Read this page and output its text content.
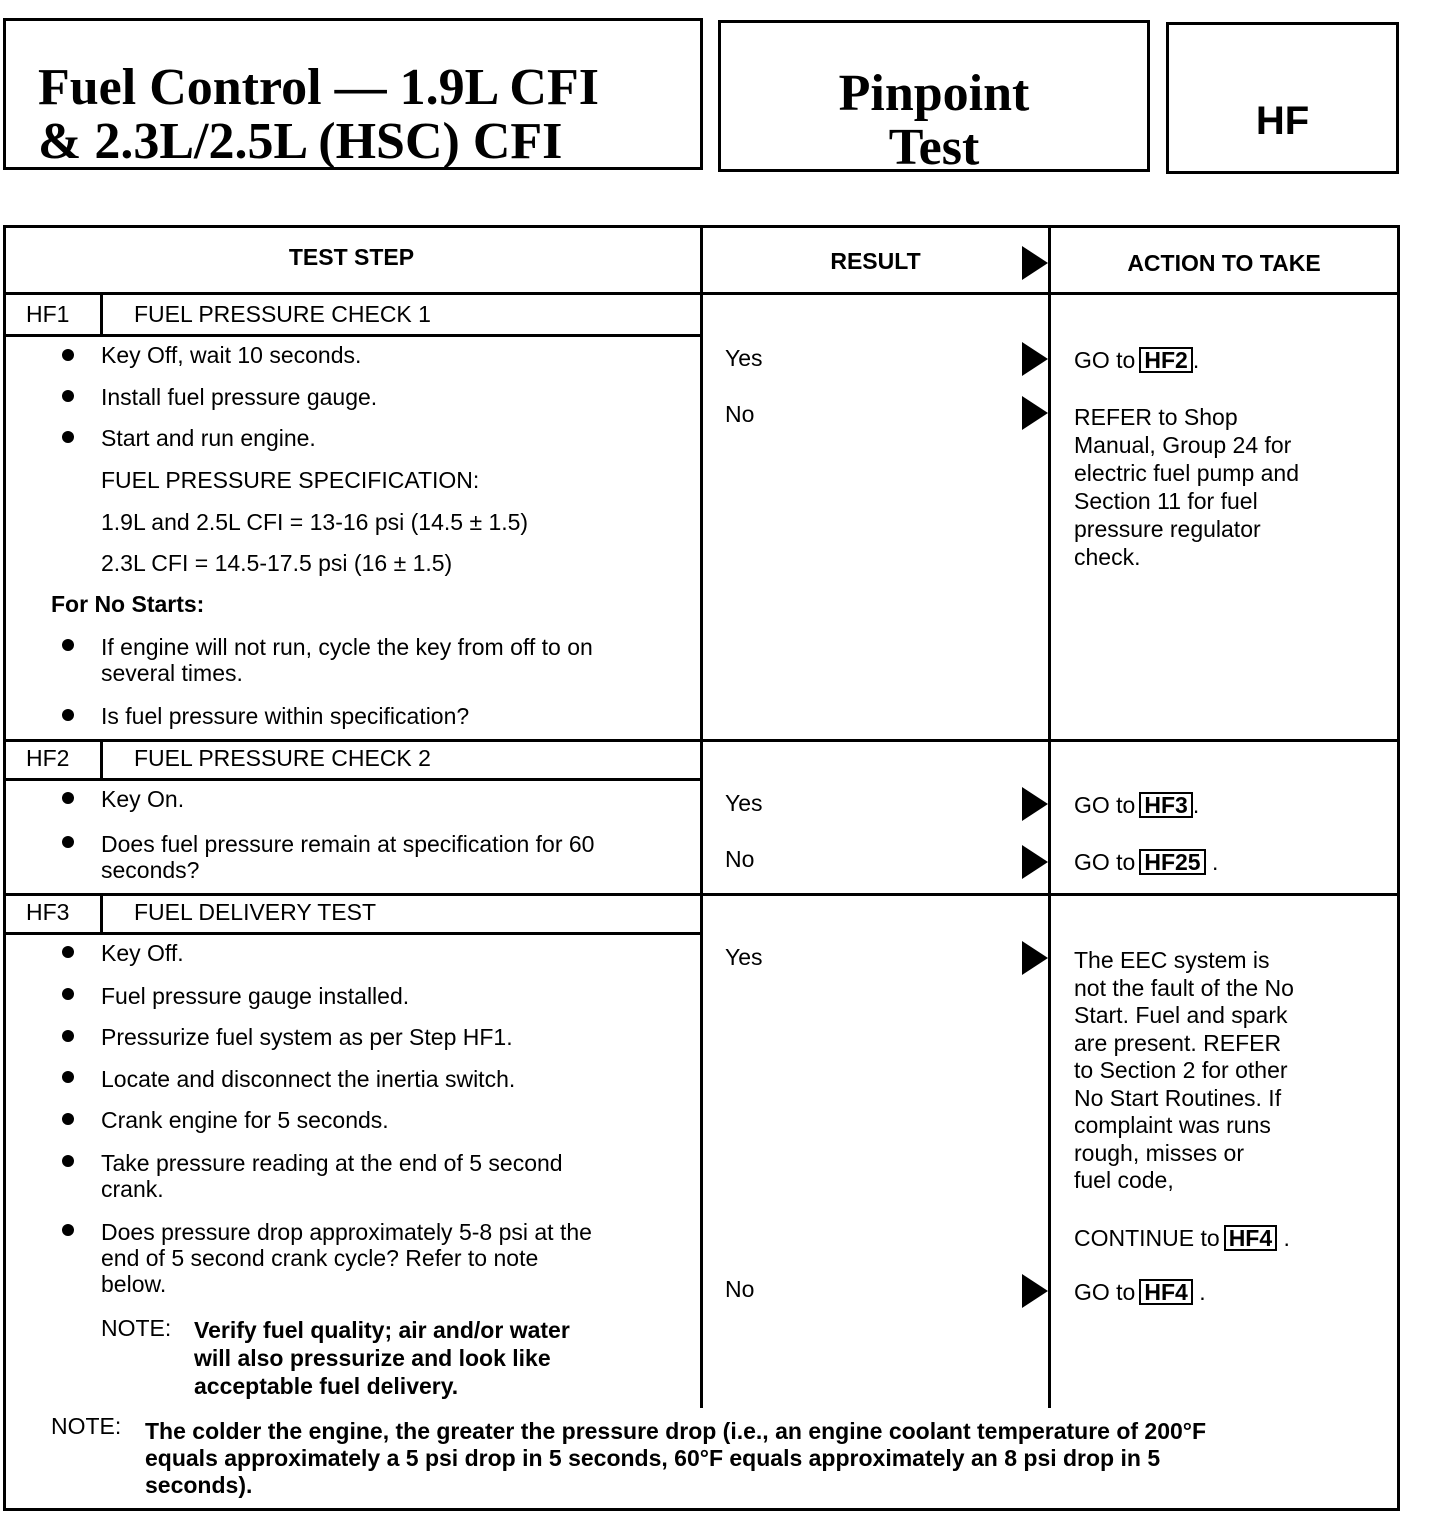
Fuel Control — 1.9L CFI
& 2.3L/2.5L (HSC) CFI
Pinpoint
Test	HF
TEST STEP	RESULT	ACTION TO TAKE
HF1	FUEL PRESSURE CHECK 1
Key Off, wait 10 seconds.
Install fuel pressure gauge.
Start and run engine.
FUEL PRESSURE SPECIFICATION:
1.9L and 2.5L CFI = 13-16 psi (14.5 ± 1.5)
2.3L CFI = 14.5-17.5 psi (16 ± 1.5)
For No Starts:
If engine will not run, cycle the key from off to on
several times.
Is fuel pressure within specification?
Yes	GO to HF2 .
No	REFER to Shop
Manual, Group 24 for
electric fuel pump and
Section 11 for fuel
pressure regulator
check.
HF2	FUEL PRESSURE CHECK 2
Key On.
Does fuel pressure remain at specification for 60
seconds?
Yes	GO to HF3 .
No	GO to HF25 .
HF3	FUEL DELIVERY TEST
Key Off.
Fuel pressure gauge installed.
Pressurize fuel system as per Step HF1.
Locate and disconnect the inertia switch.
Crank engine for 5 seconds.
Take pressure reading at the end of 5 second
crank.
Does pressure drop approximately 5-8 psi at the
end of 5 second crank cycle? Refer to note
below.
NOTE: Verify fuel quality; air and/or water
will also pressurize and look like
acceptable fuel delivery.
Yes	The EEC system is
not the fault of the No
Start. Fuel and spark
are present. REFER
to Section 2 for other
No Start Routines. If
complaint was runs
rough, misses or
fuel code,
CONTINUE to HF4 .
No	GO to HF4 .
NOTE: The colder the engine, the greater the pressure drop (i.e., an engine coolant temperature of 200°F
equals approximately a 5 psi drop in 5 seconds, 60°F equals approximately an 8 psi drop in 5
seconds).
